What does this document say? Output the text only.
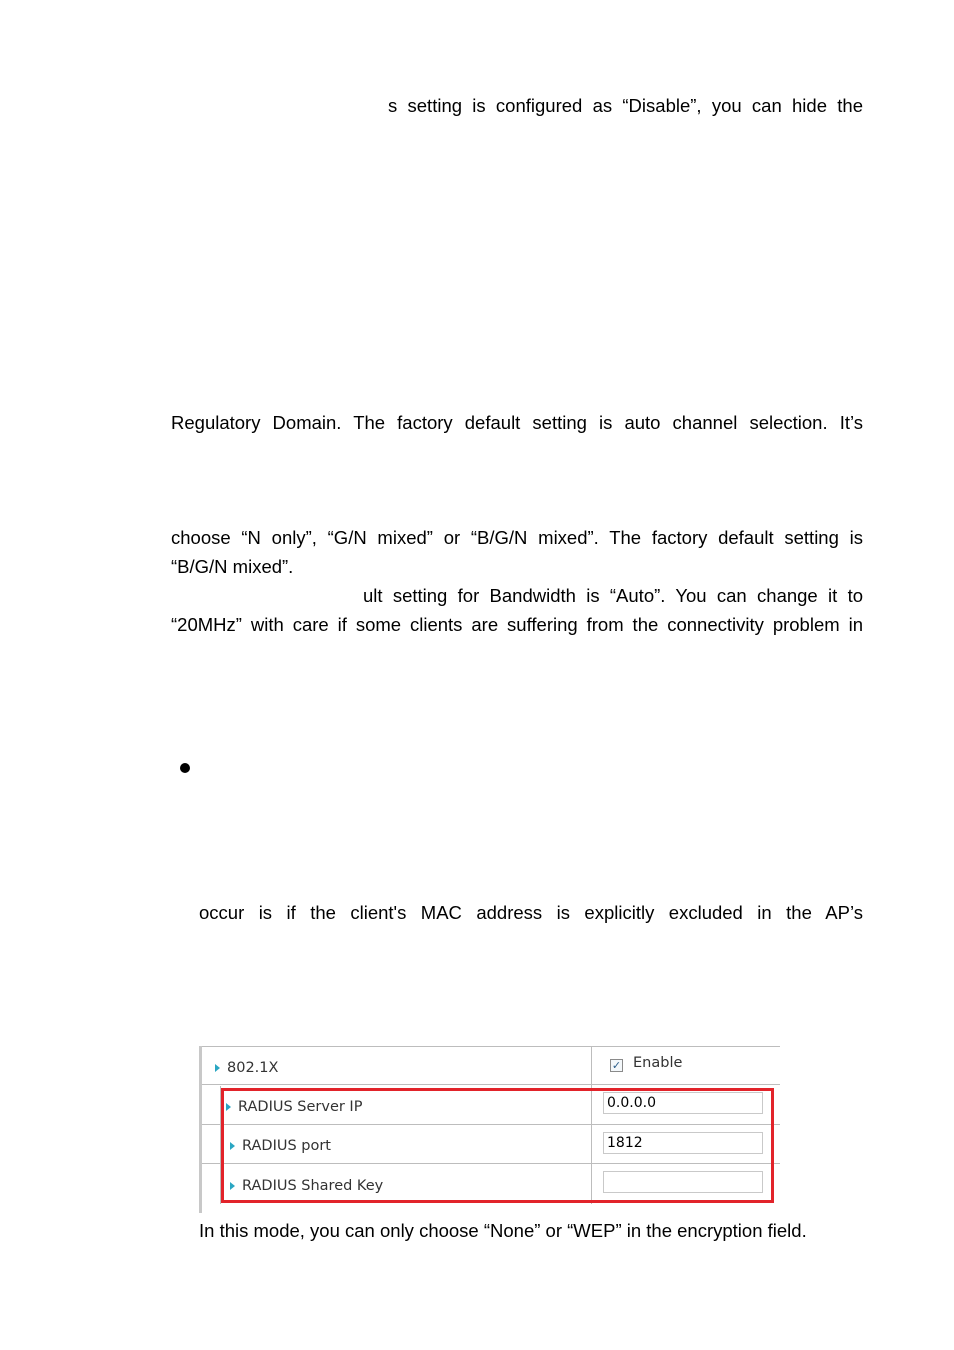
s setting is configured as “Disable”, you can hide the
Regulatory Domain. The factory default setting is auto channel selection. It’s
choose “N only”, “G/N mixed” or “B/G/N mixed”. The factory default setting is
“B/G/N mixed”.
ult setting for Bandwidth is “Auto”. You can change it to
“20MHz” with care if some clients are suffering from the connectivity problem in
occur is if the client's MAC address is explicitly excluded in the AP’s
802.1X	✓ Enable
RADIUS Server IP	0.0.0.0
RADIUS port	1812
RADIUS Shared Key
In this mode, you can only choose “None” or “WEP” in the encryption field.
